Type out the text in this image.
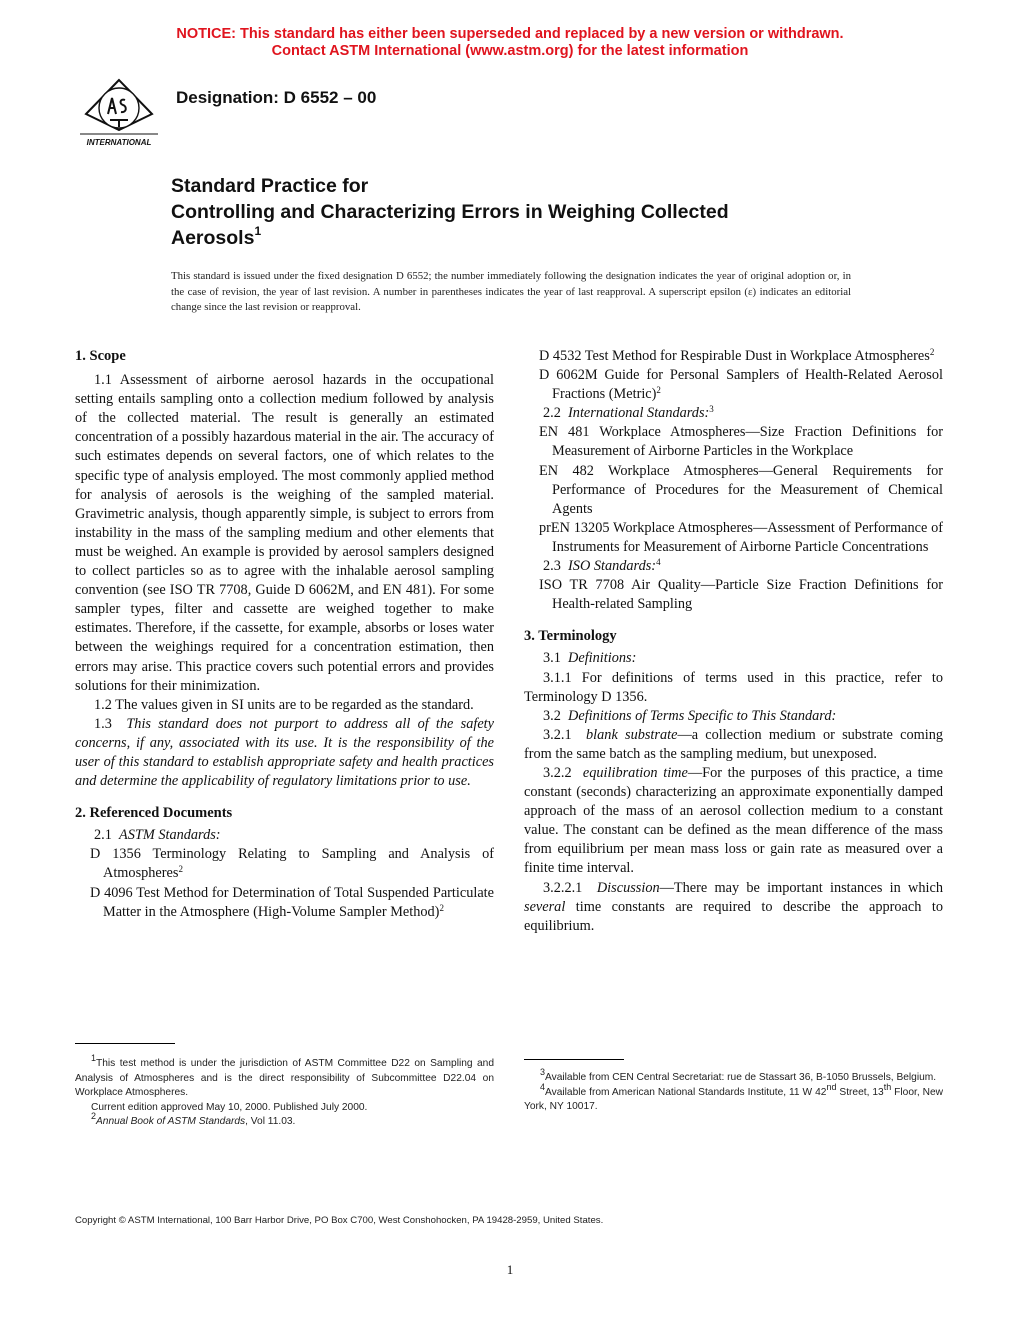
NOTICE: This standard has either been superseded and replaced by a new version or withdrawn.
Contact ASTM International (www.astm.org) for the latest information
INTERNATIONAL
Designation: D 6552 – 00
Standard Practice for
Controlling and Characterizing Errors in Weighing Collected
Aerosols$^1$
This standard is issued under the fixed designation D 6552; the number immediately following the designation indicates the year of original adoption or, in the case of revision, the year of last revision. A number in parentheses indicates the year of last reapproval. A superscript epsilon (ε) indicates an editorial change since the last revision or reapproval.

1. Scope

1.1 Assessment of airborne aerosol hazards in the occupational setting entails sampling onto a collection medium followed by analysis of the collected material. The result is generally an estimated concentration of a possibly hazardous material in the air. The accuracy of such estimates depends on several factors, one of which relates to the specific type of analysis employed. The most commonly applied method for analysis of aerosols is the weighing of the sampled material. Gravimetric analysis, though apparently simple, is subject to errors from instability in the mass of the sampling medium and other elements that must be weighed. An example is provided by aerosol samplers designed to collect particles so as to agree with the inhalable aerosol sampling convention (see ISO TR 7708, Guide D 6062M, and EN 481). For some sampler types, filter and cassette are weighed together to make estimates. Therefore, if the cassette, for example, absorbs or loses water between the weighings required for a concentration estimation, then errors may arise. This practice covers such potential errors and provides solutions for their minimization.

1.2 The values given in SI units are to be regarded as the standard.

1.3 This standard does not purport to address all of the safety concerns, if any, associated with its use. It is the responsibility of the user of this standard to establish appropriate safety and health practices and determine the applicability of regulatory limitations prior to use.

2. Referenced Documents

2.1 ASTM Standards:

D 1356 Terminology Relating to Sampling and Analysis of Atmospheres$^2$

D 4096 Test Method for Determination of Total Suspended Particulate Matter in the Atmosphere (High-Volume Sampler Method)$^2$

D 4532 Test Method for Respirable Dust in Workplace Atmospheres$^2$

D 6062M Guide for Personal Samplers of Health-Related Aerosol Fractions (Metric)$^2$

2.2 International Standards:$^3$

EN 481 Workplace Atmospheres—Size Fraction Definitions for Measurement of Airborne Particles in the Workplace

EN 482 Workplace Atmospheres—General Requirements for Performance of Procedures for the Measurement of Chemical Agents

prEN 13205 Workplace Atmospheres—Assessment of Performance of Instruments for Measurement of Airborne Particle Concentrations

2.3 ISO Standards:$^4$

ISO TR 7708 Air Quality—Particle Size Fraction Definitions for Health-related Sampling

3. Terminology

3.1 Definitions:

3.1.1 For definitions of terms used in this practice, refer to Terminology D 1356.

3.2 Definitions of Terms Specific to This Standard:

3.2.1 blank substrate—a collection medium or substrate coming from the same batch as the sampling medium, but unexposed.

3.2.2 equilibration time—For the purposes of this practice, a time constant (seconds) characterizing an approximate exponentially damped approach of the mass of an aerosol collection medium to a constant value. The constant can be defined as the mean difference of the mass from equilibrium per mean mass loss or gain rate as measured over a finite time interval.

3.2.2.1 Discussion—There may be important instances in which several time constants are required to describe the approach to equilibrium.

$^1$This test method is under the jurisdiction of ASTM Committee D22 on Sampling and Analysis of Atmospheres and is the direct responsibility of Subcommittee D22.04 on Workplace Atmospheres.

Current edition approved May 10, 2000. Published July 2000.

$^2$Annual Book of ASTM Standards, Vol 11.03.

$^3$Available from CEN Central Secretariat: rue de Stassart 36, B-1050 Brussels, Belgium.

$^4$Available from American National Standards Institute, 11 W 42nd Street, 13th Floor, New York, NY 10017.

Copyright © ASTM International, 100 Barr Harbor Drive, PO Box C700, West Conshohocken, PA 19428-2959, United States.
1
